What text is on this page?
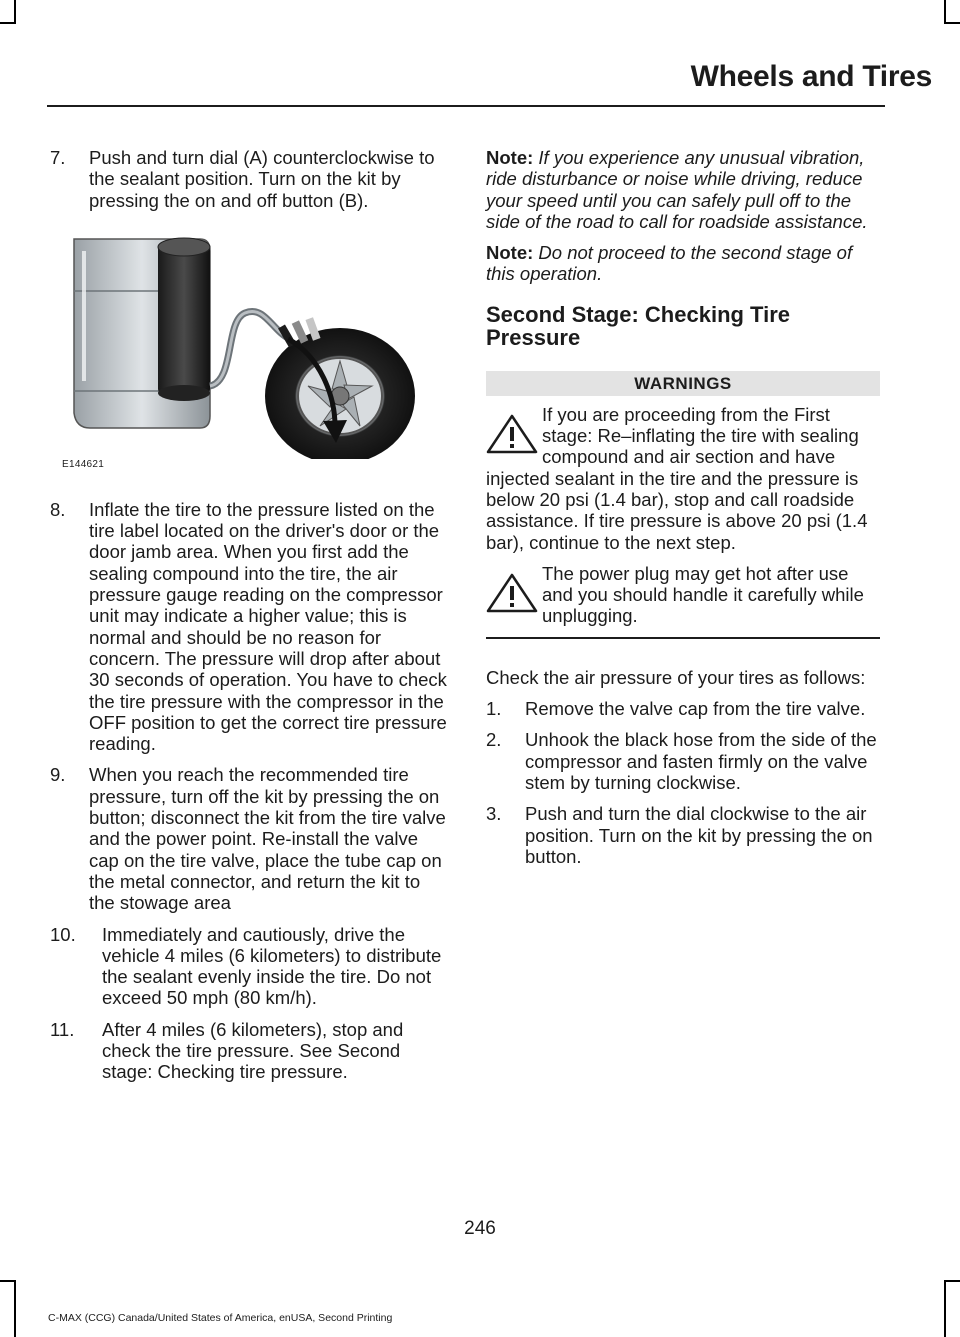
Wheels and Tires
7. Push and turn dial (A) counterclockwise to the sealant position. Turn on the kit by pressing the on and off button (B).
E144621
8. Inflate the tire to the pressure listed on the tire label located on the driver's door or the door jamb area. When you first add the sealing compound into the tire, the air pressure gauge reading on the compressor unit may indicate a higher value; this is normal and should be no reason for concern. The pressure will drop after about 30 seconds of operation. You have to check the tire pressure with the compressor in the OFF position to get the correct tire pressure reading.
9. When you reach the recommended tire pressure, turn off the kit by pressing the on button; disconnect the kit from the tire valve and the power point. Re-install the valve cap on the tire valve, place the tube cap on the metal connector, and return the kit to the stowage area
10. Immediately and cautiously, drive the vehicle 4 miles (6 kilometers) to distribute the sealant evenly inside the tire. Do not exceed 50 mph (80 km/h).
11. After 4 miles (6 kilometers), stop and check the tire pressure. See Second stage: Checking tire pressure.

Note: If you experience any unusual vibration, ride disturbance or noise while driving, reduce your speed until you can safely pull off to the side of the road to call for roadside assistance.

Note: Do not proceed to the second stage of this operation.

Second Stage: Checking Tire Pressure
WARNINGS
If you are proceeding from the First stage: Re–inflating the tire with sealing compound and air section and have injected sealant in the tire and the pressure is below 20 psi (1.4 bar), stop and call roadside assistance. If tire pressure is above 20 psi (1.4 bar), continue to the next step.
The power plug may get hot after use and you should handle it carefully while unplugging.

Check the air pressure of your tires as follows:

1. Remove the valve cap from the tire valve.
2. Unhook the black hose from the side of the compressor and fasten firmly on the valve stem by turning clockwise.
3. Push and turn the dial clockwise to the air position. Turn on the kit by pressing the on button.
246
C-MAX (CCG) Canada/United States of America, enUSA, Second Printing
